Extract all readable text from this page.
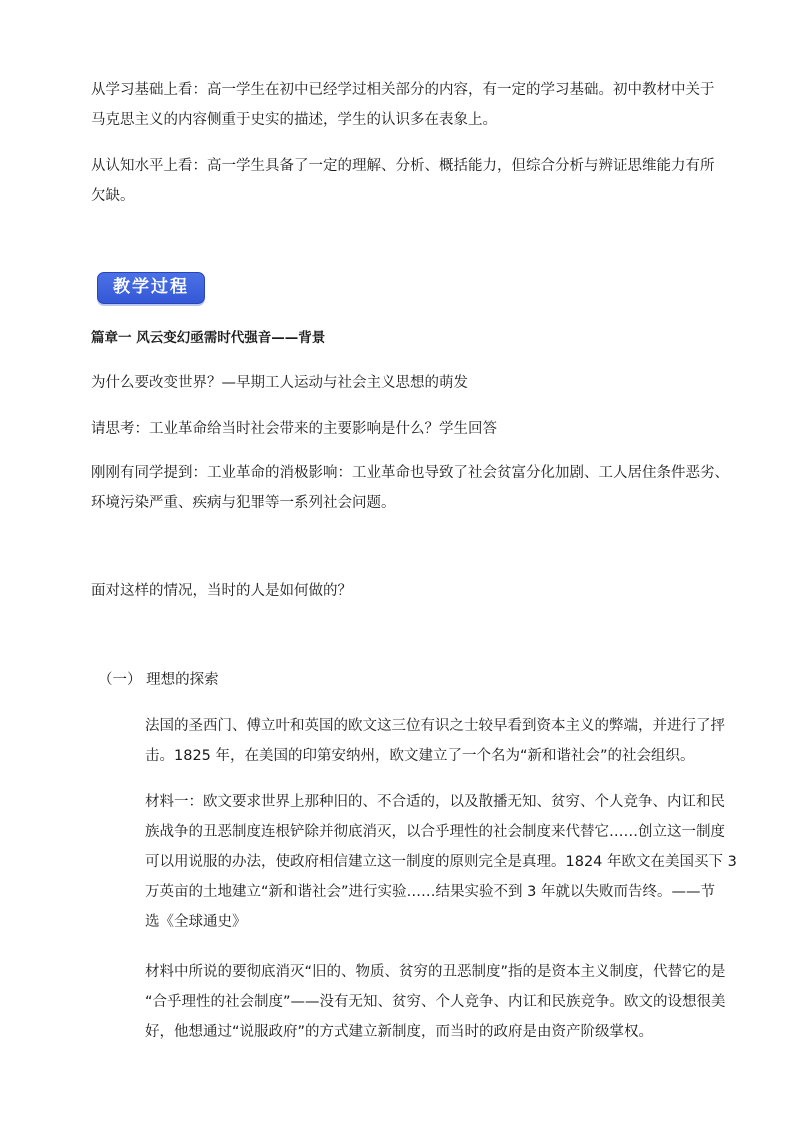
从学习基础上看：高一学生在初中已经学过相关部分的内容，有一定的学习基础。初中教材中关于

马克思主义的内容侧重于史实的描述，学生的认识多在表象上。

从认知水平上看：高一学生具备了一定的理解、分析、概括能力，但综合分析与辨证思维能力有所

欠缺。

教学过程

篇章一 风云变幻亟需时代强音——背景

为什么要改变世界？—早期工人运动与社会主义思想的萌发

请思考：工业革命给当时社会带来的主要影响是什么？学生回答

刚刚有同学提到：工业革命的消极影响：工业革命也导致了社会贫富分化加剧、工人居住条件恶劣、

环境污染严重、疾病与犯罪等一系列社会问题。

面对这样的情况，当时的人是如何做的？

（一） 理想的探索

法国的圣西门、傅立叶和英国的欧文这三位有识之士较早看到资本主义的弊端，并进行了抨

击。1825 年，在美国的印第安纳州，欧文建立了一个名为“新和谐社会”的社会组织。

材料一：欧文要求世界上那种旧的、不合适的，以及散播无知、贫穷、个人竞争、内讧和民

族战争的丑恶制度连根铲除并彻底消灭，以合乎理性的社会制度来代替它……创立这一制度

可以用说服的办法，使政府相信建立这一制度的原则完全是真理。1824 年欧文在美国买下 3

万英亩的土地建立“新和谐社会”进行实验……结果实验不到 3 年就以失败而告终。——节

选《全球通史》

材料中所说的要彻底消灭“旧的、物质、贫穷的丑恶制度”指的是资本主义制度，代替它的是

“合乎理性的社会制度”——没有无知、贫穷、个人竞争、内讧和民族竞争。欧文的设想很美

好，他想通过“说服政府”的方式建立新制度，而当时的政府是由资产阶级掌权。
